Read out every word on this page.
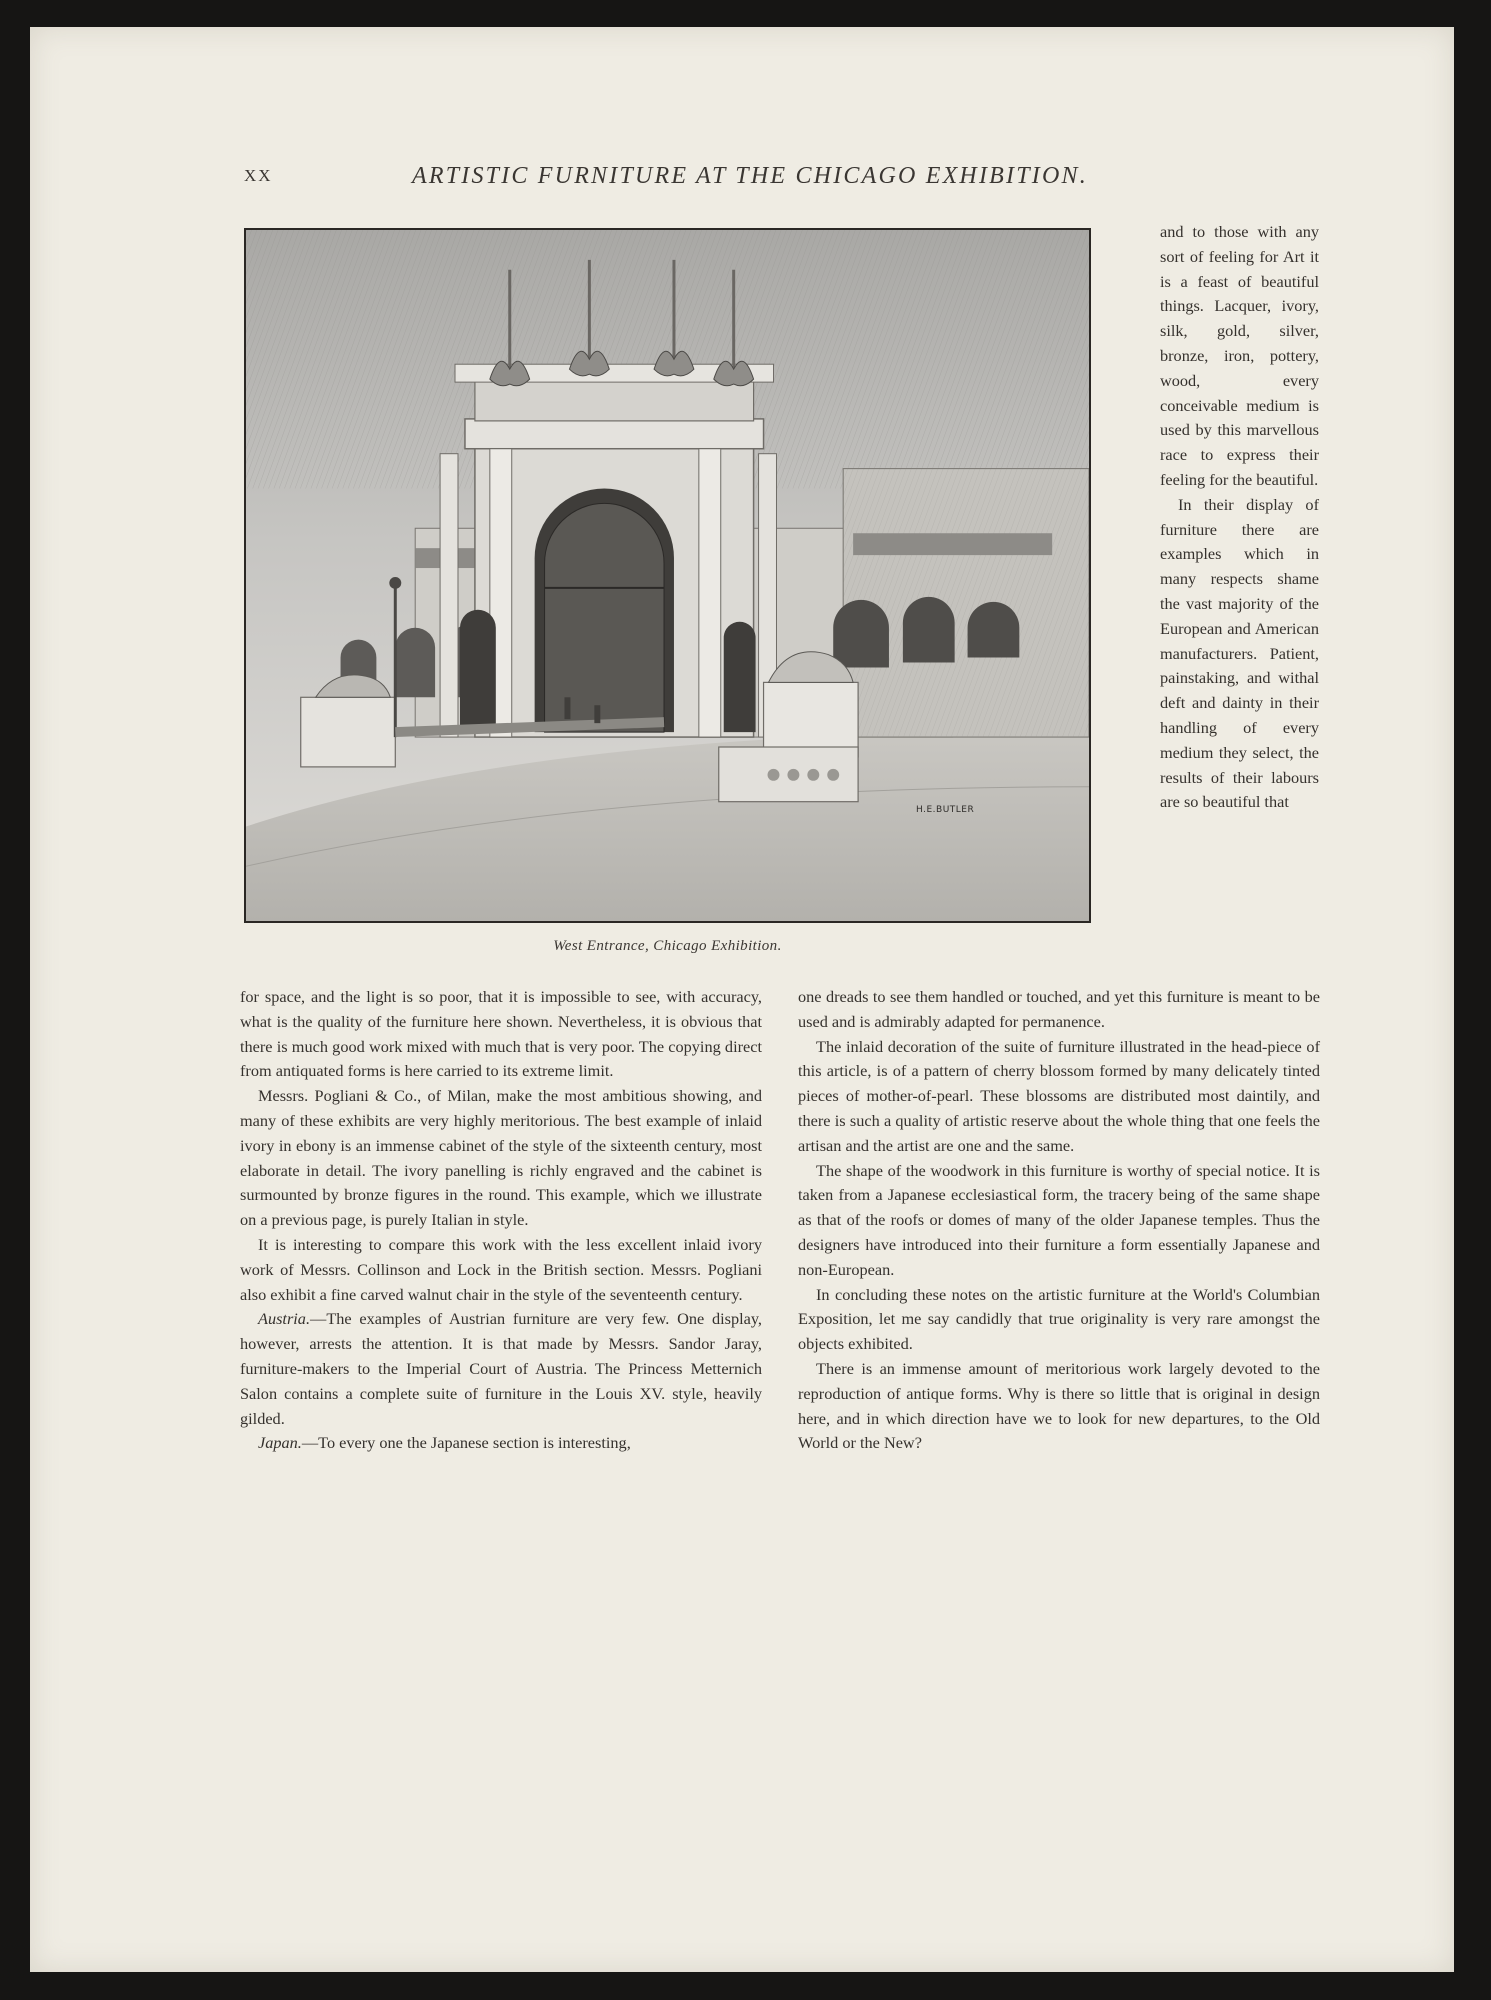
XX	ARTISTIC FURNITURE AT THE CHICAGO EXHIBITION.
H.E.BUTLER
West Entrance, Chicago Exhibition.

and to those with any sort of feeling for Art it is a feast of beautiful things. Lacquer, ivory, silk, gold, silver, bronze, iron, pottery, wood, every conceivable medium is used by this marvellous race to express their feeling for the beautiful.

In their display of furniture there are examples which in many respects shame the vast majority of the European and American manufacturers. Patient, painstaking, and withal deft and dainty in their handling of every medium they select, the results of their labours are so beautiful that

for space, and the light is so poor, that it is impossible to see, with accuracy, what is the quality of the furniture here shown. Nevertheless, it is obvious that there is much good work mixed with much that is very poor. The copying direct from antiquated forms is here carried to its extreme limit.

Messrs. Pogliani & Co., of Milan, make the most ambitious showing, and many of these exhibits are very highly meritorious. The best example of inlaid ivory in ebony is an immense cabinet of the style of the sixteenth century, most elaborate in detail. The ivory panelling is richly engraved and the cabinet is surmounted by bronze figures in the round. This example, which we illustrate on a previous page, is purely Italian in style.

It is interesting to compare this work with the less excellent inlaid ivory work of Messrs. Collinson and Lock in the British section. Messrs. Pogliani also exhibit a fine carved walnut chair in the style of the seventeenth century.

Austria.—The examples of Austrian furniture are very few. One display, however, arrests the attention. It is that made by Messrs. Sandor Jaray, furniture-makers to the Imperial Court of Austria. The Princess Metternich Salon contains a complete suite of furniture in the Louis XV. style, heavily gilded.

Japan.—To every one the Japanese section is interesting,

one dreads to see them handled or touched, and yet this furniture is meant to be used and is admirably adapted for permanence.

The inlaid decoration of the suite of furniture illustrated in the head-piece of this article, is of a pattern of cherry blossom formed by many delicately tinted pieces of mother-of-pearl. These blossoms are distributed most daintily, and there is such a quality of artistic reserve about the whole thing that one feels the artisan and the artist are one and the same.

The shape of the woodwork in this furniture is worthy of special notice. It is taken from a Japanese ecclesiastical form, the tracery being of the same shape as that of the roofs or domes of many of the older Japanese temples. Thus the designers have introduced into their furniture a form essentially Japanese and non-European.

In concluding these notes on the artistic furniture at the World's Columbian Exposition, let me say candidly that true originality is very rare amongst the objects exhibited.

There is an immense amount of meritorious work largely devoted to the reproduction of antique forms. Why is there so little that is original in design here, and in which direction have we to look for new departures, to the Old World or the New?
